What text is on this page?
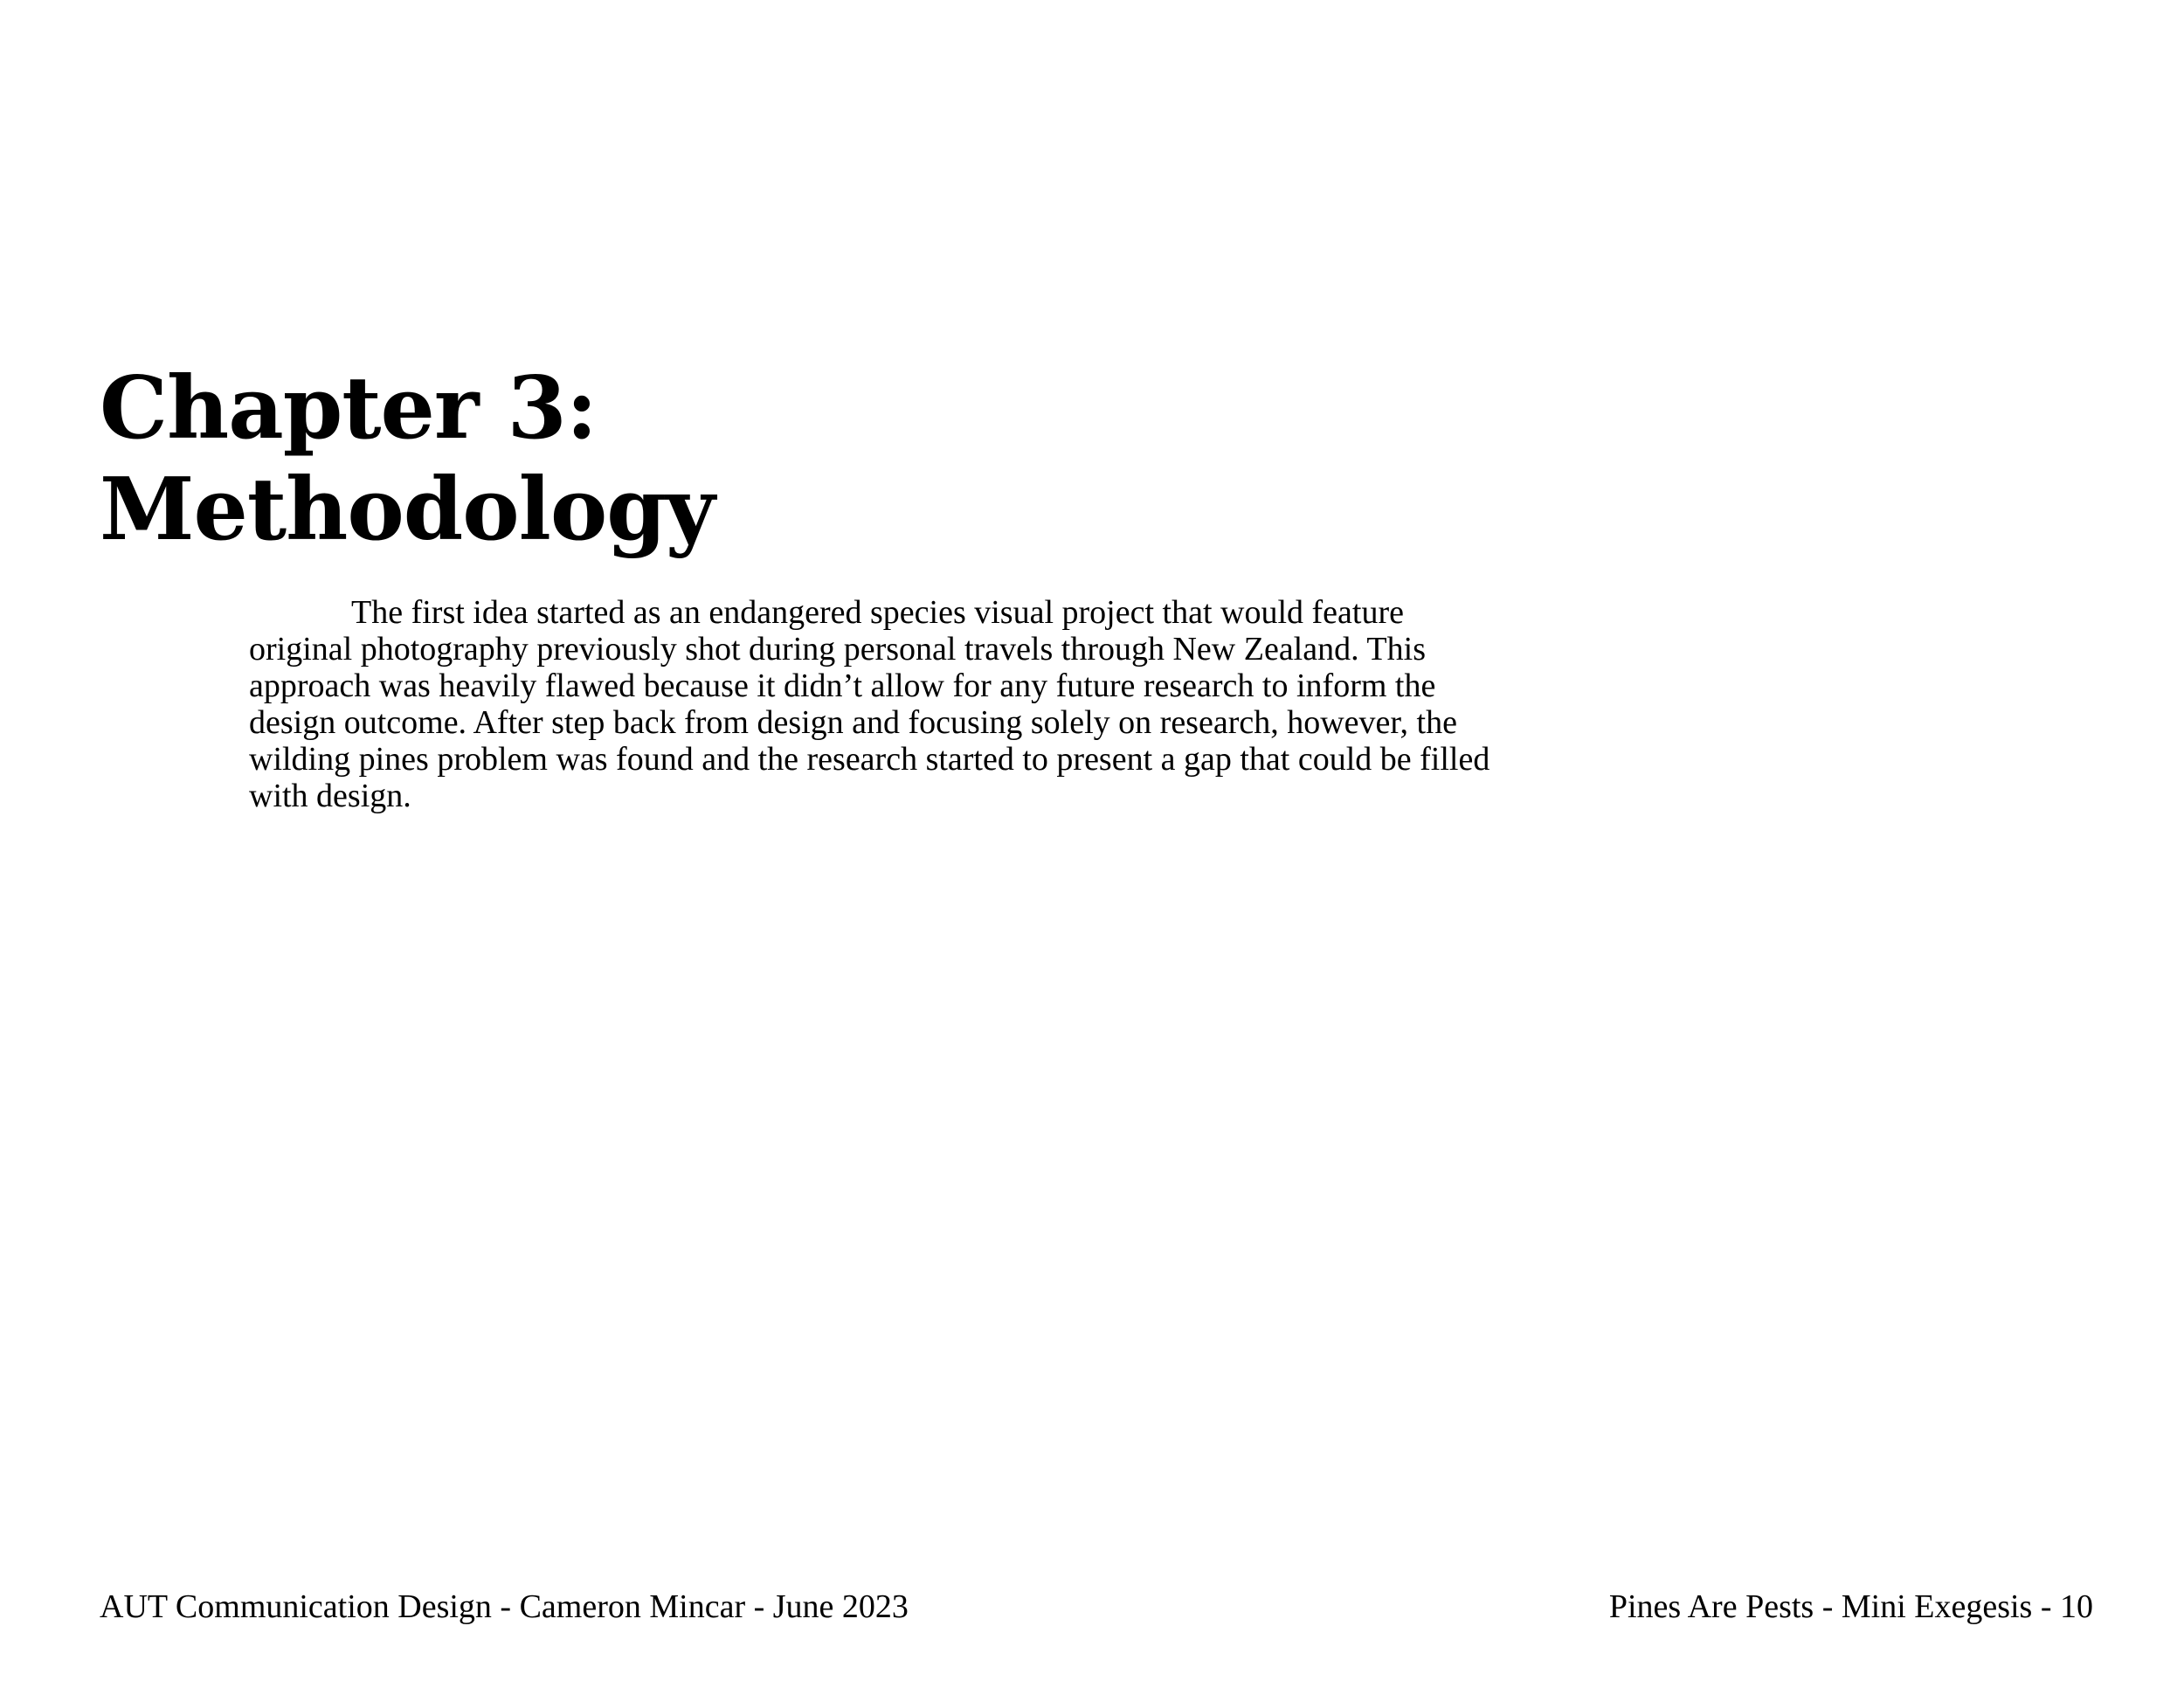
Chapter 3:
Methodology

The first idea started as an endangered species visual project that would feature original photography previously shot during personal travels through New Zealand. This approach was heavily flawed because it didn’t allow for any future research to inform the design outcome. After step back from design and focusing solely on research, however, the wilding pines problem was found and the research started to present a gap that could be filled with design.

AUT Communication Design - Cameron Mincar - June 2023	Pines Are Pests - Mini Exegesis - 10
